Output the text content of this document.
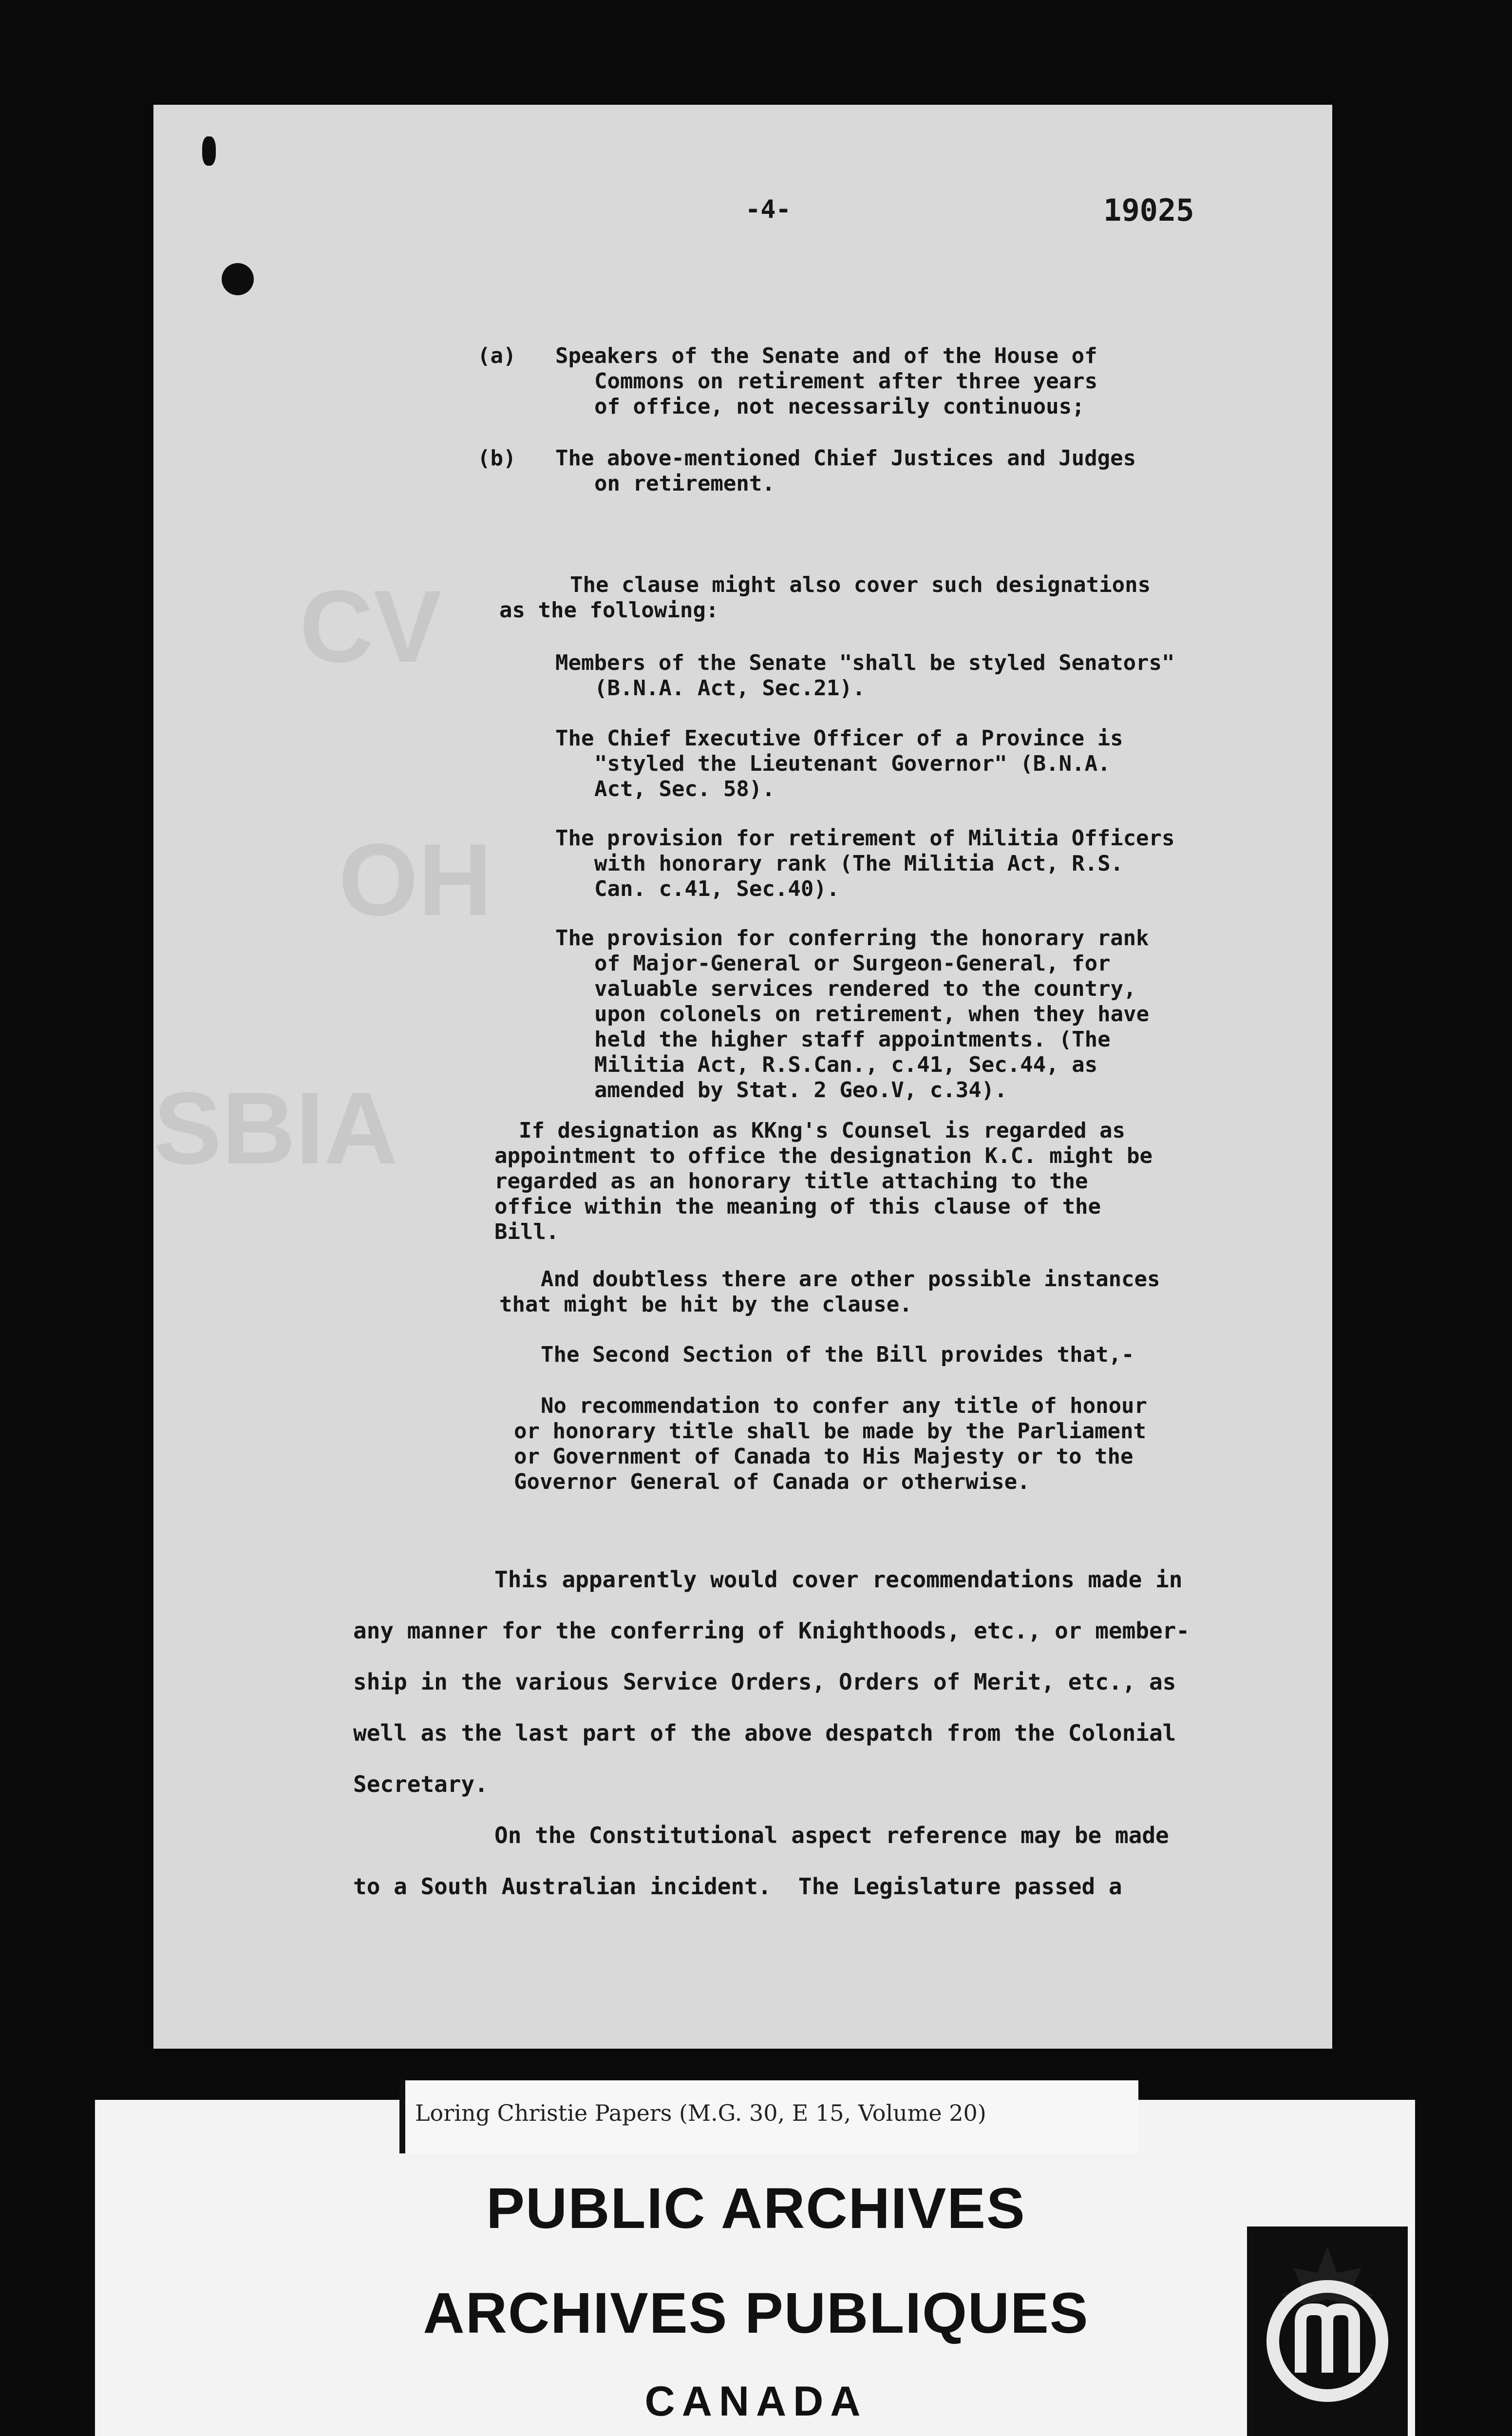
CV
OH
SBIA
-4-	19025
(a) Speakers of the Senate and of the House of
Commons on retirement after three years
of office, not necessarily continuous;
(b) The above-mentioned Chief Justices and Judges
on retirement.
The clause might also cover such designations
as the following:
Members of the Senate "shall be styled Senators"
(B.N.A. Act, Sec.21).
The Chief Executive Officer of a Province is
"styled the Lieutenant Governor" (B.N.A.
Act, Sec. 58).
The provision for retirement of Militia Officers
with honorary rank (The Militia Act, R.S.
Can. c.41, Sec.40).
The provision for conferring the honorary rank
of Major-General or Surgeon-General, for
valuable services rendered to the country,
upon colonels on retirement, when they have
held the higher staff appointments. (The
Militia Act, R.S.Can., c.41, Sec.44, as
amended by Stat. 2 Geo.V, c.34).
If designation as KKng's Counsel is regarded as
appointment to office the designation K.C. might be
regarded as an honorary title attaching to the
office within the meaning of this clause of the
Bill.
And doubtless there are other possible instances
that might be hit by the clause.
The Second Section of the Bill provides that,-
No recommendation to confer any title of honour
or honorary title shall be made by the Parliament
or Government of Canada to His Majesty or to the
Governor General of Canada or otherwise.
This apparently would cover recommendations made in
any manner for the conferring of Knighthoods, etc., or member-
ship in the various Service Orders, Orders of Merit, etc., as
well as the last part of the above despatch from the Colonial
Secretary.
On the Constitutional aspect reference may be made
to a South Australian incident.  The Legislature passed a
Loring Christie Papers (M.G. 30, E 15, Volume 20)
PUBLIC ARCHIVES
ARCHIVES PUBLIQUES
CANADA
